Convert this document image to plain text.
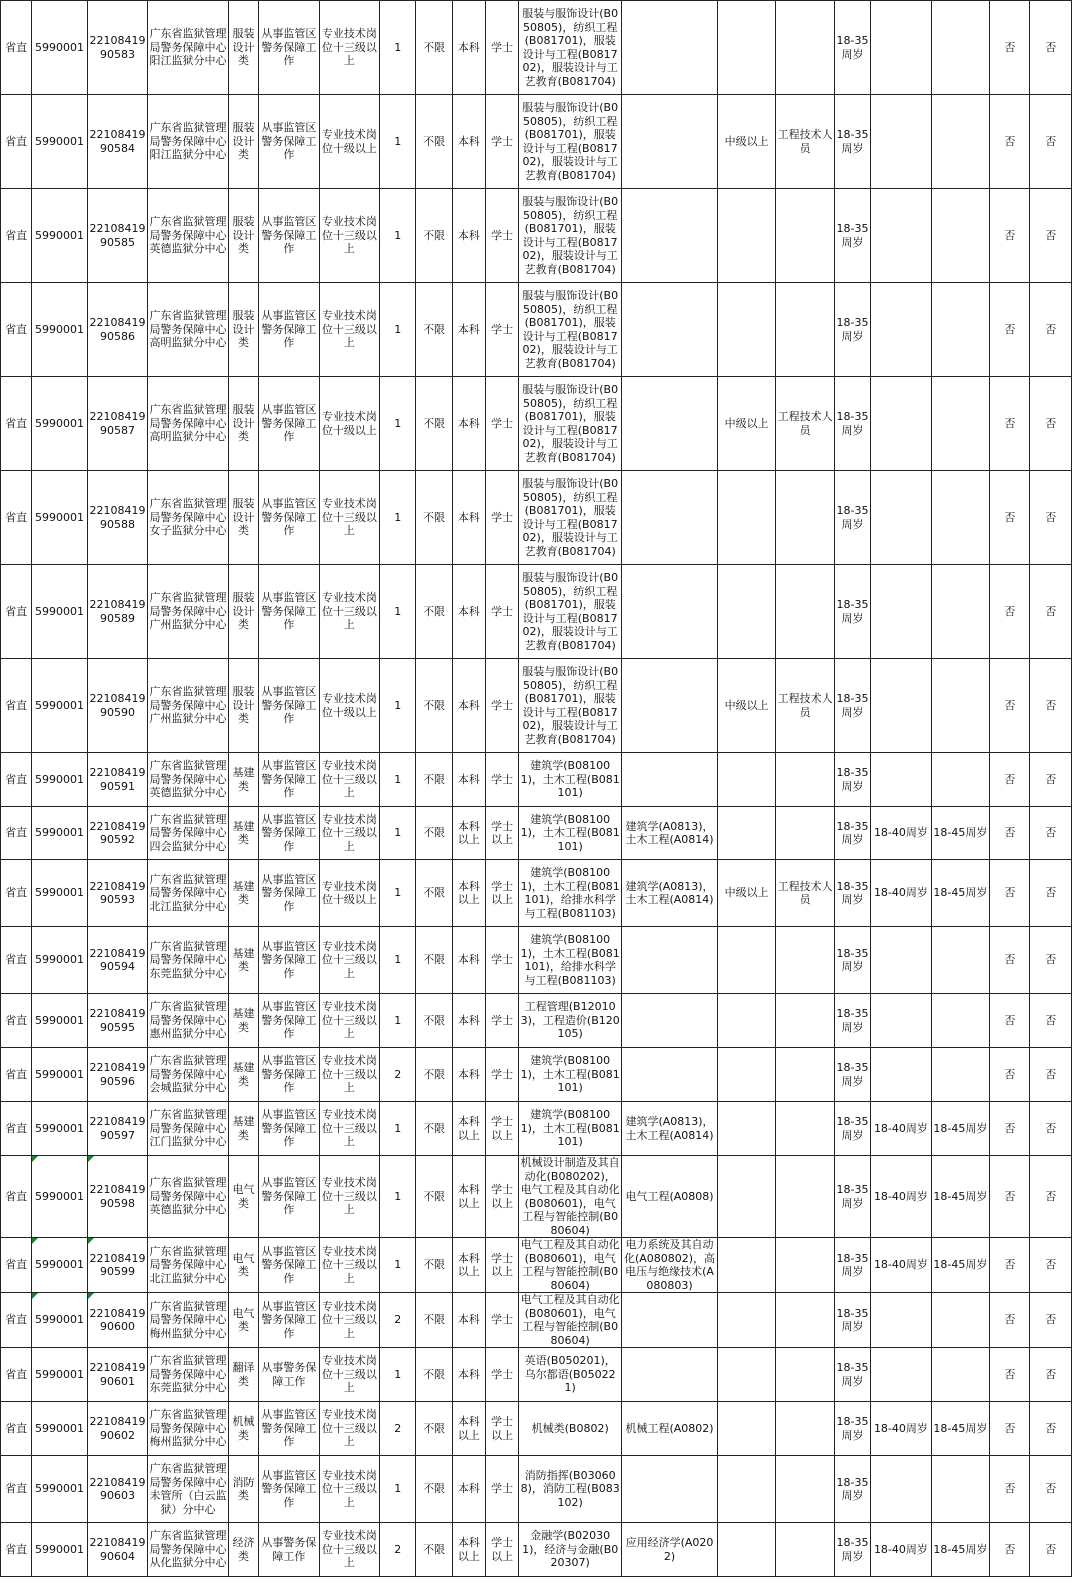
省直	5990001	2210841990583	广东省监狱管理局警务保障中心阳江监狱分中心	服装设计类	从事监管区警务保障工作	专业技术岗位十三级以上	1	不限	本科	学士	服装与服饰设计(B050805)，纺织工程(B081701)，服装设计与工程(B081702)，服装设计与工艺教育(B081704)				18-35周岁			否	否
省直	5990001	2210841990584	广东省监狱管理局警务保障中心阳江监狱分中心	服装设计类	从事监管区警务保障工作	专业技术岗位十级以上	1	不限	本科	学士	服装与服饰设计(B050805)，纺织工程(B081701)，服装设计与工程(B081702)，服装设计与工艺教育(B081704)		中级以上	工程技术人员	18-35周岁			否	否
省直	5990001	2210841990585	广东省监狱管理局警务保障中心英德监狱分中心	服装设计类	从事监管区警务保障工作	专业技术岗位十三级以上	1	不限	本科	学士	服装与服饰设计(B050805)，纺织工程(B081701)，服装设计与工程(B081702)，服装设计与工艺教育(B081704)				18-35周岁			否	否
省直	5990001	2210841990586	广东省监狱管理局警务保障中心高明监狱分中心	服装设计类	从事监管区警务保障工作	专业技术岗位十三级以上	1	不限	本科	学士	服装与服饰设计(B050805)，纺织工程(B081701)，服装设计与工程(B081702)，服装设计与工艺教育(B081704)				18-35周岁			否	否
省直	5990001	2210841990587	广东省监狱管理局警务保障中心高明监狱分中心	服装设计类	从事监管区警务保障工作	专业技术岗位十级以上	1	不限	本科	学士	服装与服饰设计(B050805)，纺织工程(B081701)，服装设计与工程(B081702)，服装设计与工艺教育(B081704)		中级以上	工程技术人员	18-35周岁			否	否
省直	5990001	2210841990588	广东省监狱管理局警务保障中心女子监狱分中心	服装设计类	从事监管区警务保障工作	专业技术岗位十三级以上	1	不限	本科	学士	服装与服饰设计(B050805)，纺织工程(B081701)，服装设计与工程(B081702)，服装设计与工艺教育(B081704)				18-35周岁			否	否
省直	5990001	2210841990589	广东省监狱管理局警务保障中心广州监狱分中心	服装设计类	从事监管区警务保障工作	专业技术岗位十三级以上	1	不限	本科	学士	服装与服饰设计(B050805)，纺织工程(B081701)，服装设计与工程(B081702)，服装设计与工艺教育(B081704)				18-35周岁			否	否
省直	5990001	2210841990590	广东省监狱管理局警务保障中心广州监狱分中心	服装设计类	从事监管区警务保障工作	专业技术岗位十级以上	1	不限	本科	学士	服装与服饰设计(B050805)，纺织工程(B081701)，服装设计与工程(B081702)，服装设计与工艺教育(B081704)		中级以上	工程技术人员	18-35周岁			否	否
省直	5990001	2210841990591	广东省监狱管理局警务保障中心英德监狱分中心	基建类	从事监管区警务保障工作	专业技术岗位十三级以上	1	不限	本科	学士	建筑学(B081001)，土木工程(B081101)				18-35周岁			否	否
省直	5990001	2210841990592	广东省监狱管理局警务保障中心四会监狱分中心	基建类	从事监管区警务保障工作	专业技术岗位十三级以上	1	不限	本科以上	学士以上	建筑学(B081001)，土木工程(B081101)	建筑学(A0813)，土木工程(A0814)			18-35周岁	18-40周岁	18-45周岁	否	否
省直	5990001	2210841990593	广东省监狱管理局警务保障中心北江监狱分中心	基建类	从事监管区警务保障工作	专业技术岗位十级以上	1	不限	本科以上	学士以上	建筑学(B081001)，土木工程(B081101)，给排水科学与工程(B081103)	建筑学(A0813)，土木工程(A0814)	中级以上	工程技术人员	18-35周岁	18-40周岁	18-45周岁	否	否
省直	5990001	2210841990594	广东省监狱管理局警务保障中心东莞监狱分中心	基建类	从事监管区警务保障工作	专业技术岗位十三级以上	1	不限	本科	学士	建筑学(B081001)，土木工程(B081101)，给排水科学与工程(B081103)				18-35周岁			否	否
省直	5990001	2210841990595	广东省监狱管理局警务保障中心惠州监狱分中心	基建类	从事监管区警务保障工作	专业技术岗位十三级以上	1	不限	本科	学士	工程管理(B120103)，工程造价(B120105)				18-35周岁			否	否
省直	5990001	2210841990596	广东省监狱管理局警务保障中心会城监狱分中心	基建类	从事监管区警务保障工作	专业技术岗位十三级以上	2	不限	本科	学士	建筑学(B081001)，土木工程(B081101)				18-35周岁			否	否
省直	5990001	2210841990597	广东省监狱管理局警务保障中心江门监狱分中心	基建类	从事监管区警务保障工作	专业技术岗位十三级以上	1	不限	本科以上	学士以上	建筑学(B081001)，土木工程(B081101)	建筑学(A0813)，土木工程(A0814)			18-35周岁	18-40周岁	18-45周岁	否	否
省直	5990001	2210841990598	广东省监狱管理局警务保障中心英德监狱分中心	电气类	从事监管区警务保障工作	专业技术岗位十三级以上	1	不限	本科以上	学士以上	机械设计制造及其自动化(B080202)，电气工程及其自动化(B080601)，电气工程与智能控制(B080604)	电气工程(A0808)			18-35周岁	18-40周岁	18-45周岁	否	否
省直	5990001	2210841990599	广东省监狱管理局警务保障中心北江监狱分中心	电气类	从事监管区警务保障工作	专业技术岗位十三级以上	1	不限	本科以上	学士以上	电气工程及其自动化(B080601)，电气工程与智能控制(B080604)	电力系统及其自动化(A080802)，高电压与绝缘技术(A080803)			18-35周岁	18-40周岁	18-45周岁	否	否
省直	5990001	2210841990600	广东省监狱管理局警务保障中心梅州监狱分中心	电气类	从事监管区警务保障工作	专业技术岗位十三级以上	2	不限	本科	学士	电气工程及其自动化(B080601)，电气工程与智能控制(B080604)				18-35周岁			否	否
省直	5990001	2210841990601	广东省监狱管理局警务保障中心东莞监狱分中心	翻译类	从事警务保障工作	专业技术岗位十三级以上	1	不限	本科	学士	英语(B050201)，乌尔都语(B050221)				18-35周岁			否	否
省直	5990001	2210841990602	广东省监狱管理局警务保障中心梅州监狱分中心	机械类	从事监管区警务保障工作	专业技术岗位十三级以上	2	不限	本科以上	学士以上	机械类(B0802)	机械工程(A0802)			18-35周岁	18-40周岁	18-45周岁	否	否
省直	5990001	2210841990603	广东省监狱管理局警务保障中心未管所（白云监狱）分中心	消防类	从事监管区警务保障工作	专业技术岗位十三级以上	1	不限	本科	学士	消防指挥(B030608)，消防工程(B083102)				18-35周岁			否	否
省直	5990001	2210841990604	广东省监狱管理局警务保障中心从化监狱分中心	经济类	从事警务保障工作	专业技术岗位十三级以上	2	不限	本科以上	学士以上	金融学(B020301)，经济与金融(B020307)	应用经济学(A0202)			18-35周岁	18-40周岁	18-45周岁	否	否
